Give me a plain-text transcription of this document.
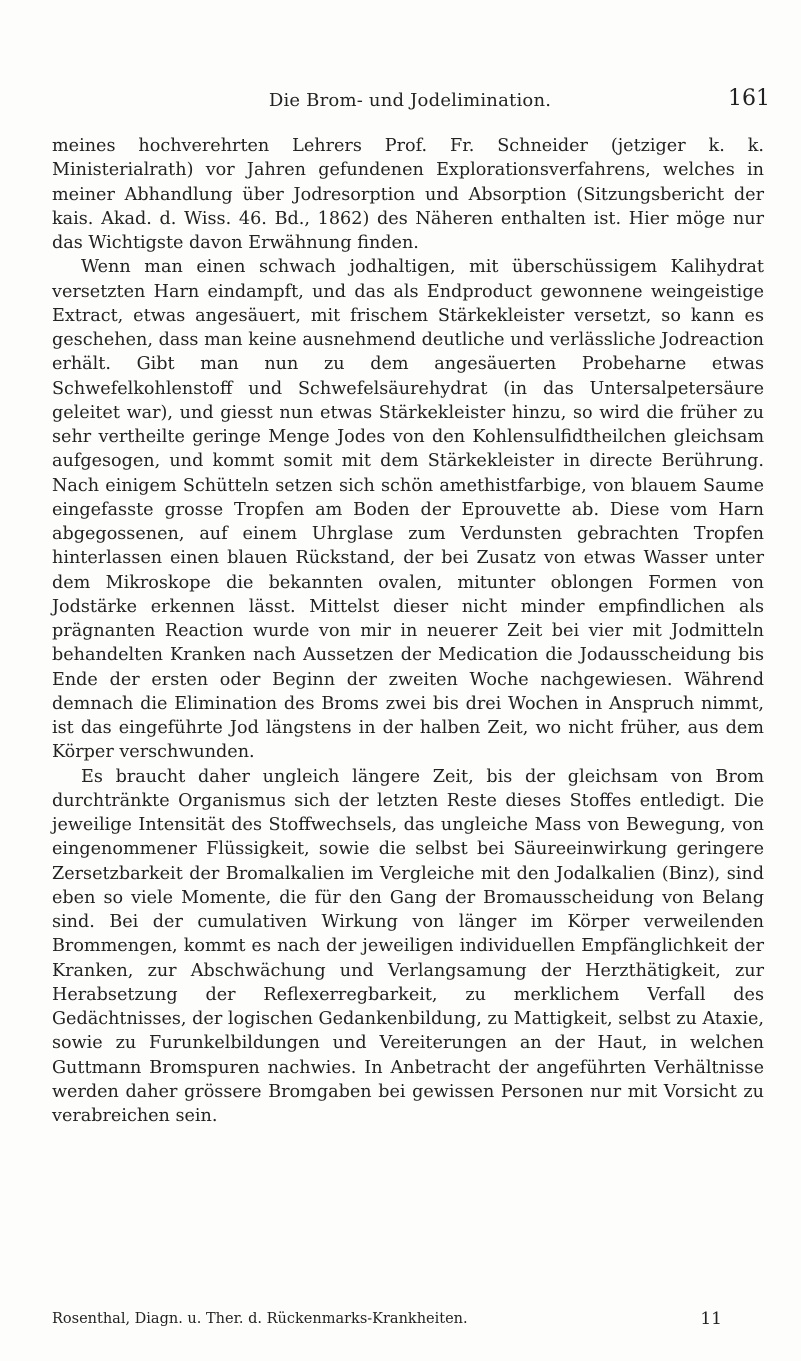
Die Brom- und Jodelimination.	161

meines hochverehrten Lehrers Prof. Fr. Schneider (jetziger k. k. Ministerialrath) vor Jahren gefundenen Explorationsverfahrens, welches in meiner Abhandlung über Jodresorption und Absorption (Sitzungsbericht der kais. Akad. d. Wiss. 46. Bd., 1862) des Näheren enthalten ist. Hier möge nur das Wichtigste davon Erwähnung finden.

Wenn man einen schwach jodhaltigen, mit überschüssigem Kalihydrat versetzten Harn eindampft, und das als Endproduct gewonnene weingeistige Extract, etwas angesäuert, mit frischem Stärkekleister versetzt, so kann es geschehen, dass man keine ausnehmend deutliche und verlässliche Jodreaction erhält. Gibt man nun zu dem angesäuerten Probeharne etwas Schwefelkohlenstoff und Schwefelsäurehydrat (in das Untersalpetersäure geleitet war), und giesst nun etwas Stärkekleister hinzu, so wird die früher zu sehr vertheilte geringe Menge Jodes von den Kohlensulfidtheilchen gleichsam aufgesogen, und kommt somit mit dem Stärkekleister in directe Berührung. Nach einigem Schütteln setzen sich schön amethistfarbige, von blauem Saume eingefasste grosse Tropfen am Boden der Eprouvette ab. Diese vom Harn abgegossenen, auf einem Uhrglase zum Verdunsten gebrachten Tropfen hinterlassen einen blauen Rückstand, der bei Zusatz von etwas Wasser unter dem Mikroskope die bekannten ovalen, mitunter oblongen Formen von Jodstärke erkennen lässt. Mittelst dieser nicht minder empfindlichen als prägnanten Reaction wurde von mir in neuerer Zeit bei vier mit Jodmitteln behandelten Kranken nach Aussetzen der Medication die Jodausscheidung bis Ende der ersten oder Beginn der zweiten Woche nachgewiesen. Während demnach die Elimination des Broms zwei bis drei Wochen in Anspruch nimmt, ist das eingeführte Jod längstens in der halben Zeit, wo nicht früher, aus dem Körper verschwunden.

Es braucht daher ungleich längere Zeit, bis der gleichsam von Brom durchtränkte Organismus sich der letzten Reste dieses Stoffes entledigt. Die jeweilige Intensität des Stoffwechsels, das ungleiche Mass von Bewegung, von eingenommener Flüssigkeit, sowie die selbst bei Säureeinwirkung geringere Zersetzbarkeit der Bromalkalien im Vergleiche mit den Jodalkalien (Binz), sind eben so viele Momente, die für den Gang der Bromausscheidung von Belang sind. Bei der cumulativen Wirkung von länger im Körper verweilenden Brommengen, kommt es nach der jeweiligen individuellen Empfänglichkeit der Kranken, zur Abschwächung und Verlangsamung der Herzthätigkeit, zur Herabsetzung der Reflexerregbarkeit, zu merklichem Verfall des Gedächtnisses, der logischen Gedankenbildung, zu Mattigkeit, selbst zu Ataxie, sowie zu Furunkelbildungen und Vereiterungen an der Haut, in welchen Guttmann Bromspuren nachwies. In Anbetracht der angeführten Verhältnisse werden daher grössere Bromgaben bei gewissen Personen nur mit Vorsicht zu verabreichen sein.

Rosenthal, Diagn. u. Ther. d. Rückenmarks-Krankheiten.	11
